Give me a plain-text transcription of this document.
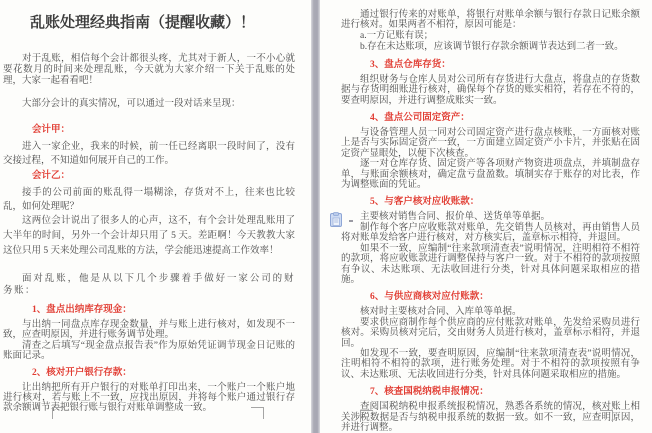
乱账处理经典指南（提醒收藏）！

对于乱账，相信每个会计都很头疼，尤其对于新人，一不小心就要花数月的时间来处理乱账，今天就为大家介绍一下关于乱账的处理，大家一起看看吧！

大部分会计的真实情况，可以通过一段对话来呈现：

会计甲：

进入一家企业，我来的时候，前一任已经离职一段时间了，没有交接过程，不知道如何展开自己的工作。

会计乙：

接手的公司前面的账乱得一塌糊涂，存货对不上，往来也比较乱，如何处理呢？

这两位会计说出了很多人的心声，这不，有个会计处理乱账用了大半年的时间，另外一个会计却只用了 5 天。差距啊！今天教教大家这位只用 5 天来处理公司乱账的方法，学会能迅速提高工作效率！

面对乱账，他是从以下几个步骤着手做好一家公司的财务账：

1、盘点出纳库存现金：

与出纳一同盘点库存现金数量，并与账上进行核对，如发现不一致，应查明原因，并进行账务调节处理。

清查之后填写“现金盘点报告表”作为原始凭证调节现金日记账的账面记录。

2、核对开户银行存款：

让出纳把所有开户银行的对账单打印出来，一个账户一个账户地进行核对，若与账上不一致，应找出原因，并将每个账户通过银行存款余额调节表把银行账与银行对账单调整成一致。

通过银行传来的对账单，将银行对账单余额与银行存款日记账余额进行核对。如果两者不相符，原因可能是：

a.一方记账有误；

b.存在未达账项，应该调节银行存款余额调节表达到二者一致。

3、盘点仓库存货：

组织财务与仓库人员对公司所有存货进行大盘点，将盘点的存货数据与存货明细账进行核对，确保每个存货的账实相符，若存在不符的，要查明原因，并进行调整成账实一致。

4、盘点公司固定资产：

与设备管理人员一同对公司固定资产进行盘点核账，一方面核对账上是否与实际固定资产一致，一方面建立固定资产小卡片，并张贴在固定资产显眼处，以便下次核查。

逐一对仓库存货、固定资产等各项财产物资进项盘点，并填制盘存单，与账面余额核对，确定盘亏盘盈数。填制实存于账存的对比表，作为调整账面的凭证。

5、与客户核对应收账款：

主要核对销售合同、报价单、送货单等单据。

制作每个客户应收账款对账单，先交销售人员核对，再由销售人员将对账单发给客户进行核对，对方核实后，盖章标示相符，并退回。

如果不一致，应编制“往来款项清查表”说明情况，注明相符不相符的款项，将应收账款进行调整保持与客户一致。对于不相符的款项按照有争议、未达账项、无法收回进行分类，针对具体问题采取相应的措施。

6、与供应商核对应付账款：

核对时主要核对合同、入库单等单据。

要求供应商制作每个供应商的应付账款对账单，先发给采购员进行核对。采购员核对完后，交由财务人员进行核对，盖章标示相符，并退回。

如发现不一致，要查明原因，应编制“往来款项清查表”说明情况，注明相符不相符的款项，进行账务处理。对于不相符的款项按照有争议、未达账项、无法收回进行分类，针对具体问题采取相应的措施。

7、核查国税纳税申报情况：

查阅国税纳税申报系统报税情况，熟悉各系统的情况，核对账上相关涉税数据是否与纳税申报系统的数据一致。如不一致，应查明原因，并进行调整。
